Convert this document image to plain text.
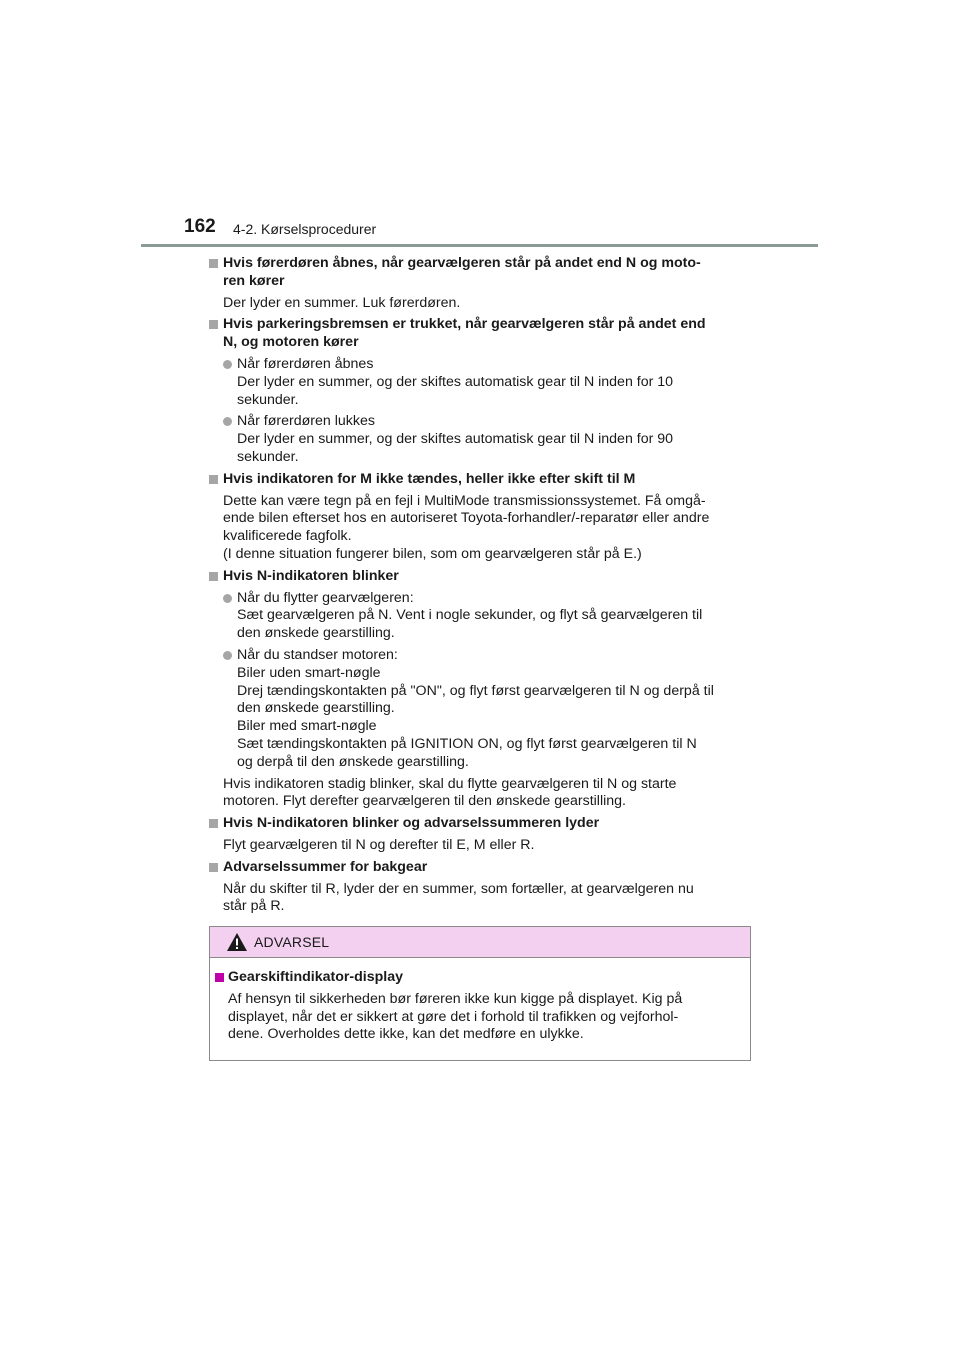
162 4-2. Kørselsprocedurer
Hvis førerdøren åbnes, når gearvælgeren står på andet end N og moto-
ren kører
Der lyder en summer. Luk førerdøren.
Hvis parkeringsbremsen er trukket, når gearvælgeren står på andet end
N, og motoren kører
Når førerdøren åbnes
Der lyder en summer, og der skiftes automatisk gear til N inden for 10
sekunder.
Når førerdøren lukkes
Der lyder en summer, og der skiftes automatisk gear til N inden for 90
sekunder.
Hvis indikatoren for M ikke tændes, heller ikke efter skift til M
Dette kan være tegn på en fejl i MultiMode transmissionssystemet. Få omgå-
ende bilen efterset hos en autoriseret Toyota-forhandler/-reparatør eller andre
kvalificerede fagfolk.
(I denne situation fungerer bilen, som om gearvælgeren står på E.)
Hvis N-indikatoren blinker
Når du flytter gearvælgeren:
Sæt gearvælgeren på N. Vent i nogle sekunder, og flyt så gearvælgeren til
den ønskede gearstilling.
Når du standser motoren:
Biler uden smart-nøgle
Drej tændingskontakten på "ON", og flyt først gearvælgeren til N og derpå til
den ønskede gearstilling.
Biler med smart-nøgle
Sæt tændingskontakten på IGNITION ON, og flyt først gearvælgeren til N
og derpå til den ønskede gearstilling.
Hvis indikatoren stadig blinker, skal du flytte gearvælgeren til N og starte
motoren. Flyt derefter gearvælgeren til den ønskede gearstilling.
Hvis N-indikatoren blinker og advarselssummeren lyder
Flyt gearvælgeren til N og derefter til E, M eller R.
Advarselssummer for bakgear
Når du skifter til R, lyder der en summer, som fortæller, at gearvælgeren nu
står på R.
ADVARSEL
Gearskiftindikator-display
Af hensyn til sikkerheden bør føreren ikke kun kigge på displayet. Kig på
displayet, når det er sikkert at gøre det i forhold til trafikken og vejforhol-
dene. Overholdes dette ikke, kan det medføre en ulykke.
